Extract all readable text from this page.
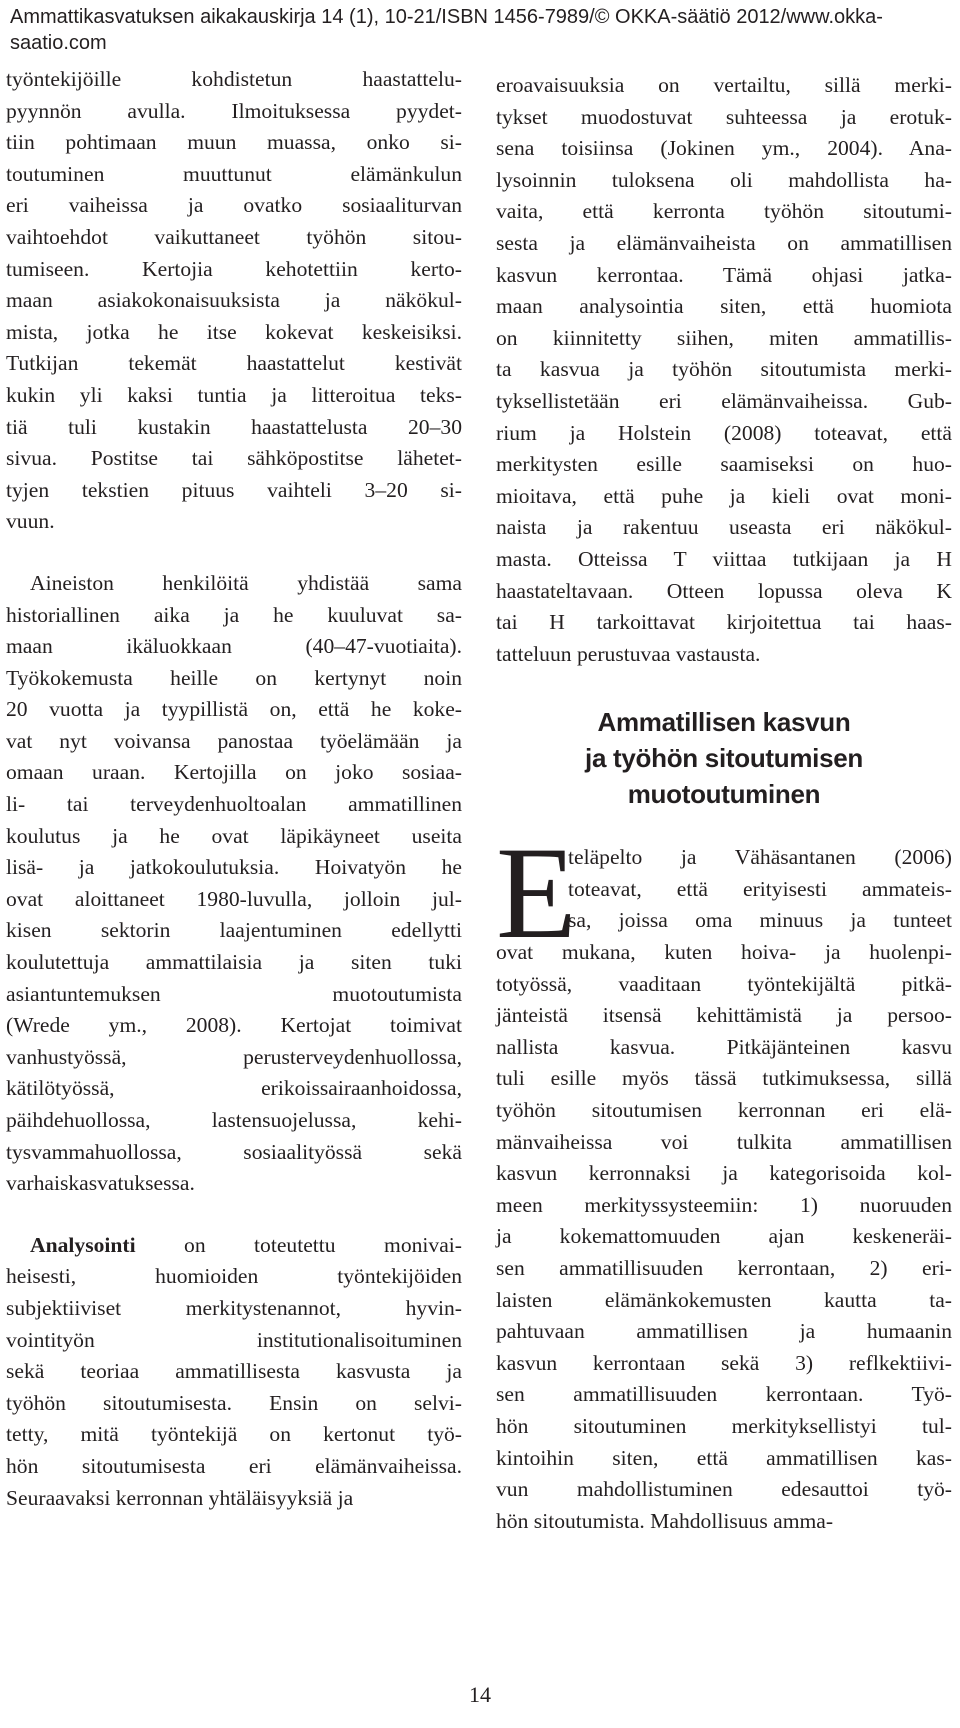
Ammattikasvatuksen aikakauskirja 14 (1), 10-21/ISBN 1456-7989/© OKKA-säätiö 2012/www.okka-saatio.com
työntekijöille kohdistetun haastattelu-
pyynnön avulla. Ilmoituksessa pyydet-
tiin pohtimaan muun muassa, onko si-
toutuminen muuttunut elämänkulun
eri vaiheissa ja ovatko sosiaaliturvan
vaihtoehdot vaikuttaneet työhön sitou-
tumiseen. Kertojia kehotettiin kerto-
maan asiakokonaisuuksista ja näkökul-
mista, jotka he itse kokevat keskeisiksi.
Tutkijan tekemät haastattelut kestivät
kukin yli kaksi tuntia ja litteroitua teks-
tiä tuli kustakin haastattelusta 20–30
sivua. Postitse tai sähköpostitse lähetet-
tyjen tekstien pituus vaihteli 3–20 si-
vuun.
Aineiston henkilöitä yhdistää sama
historiallinen aika ja he kuuluvat sa-
maan ikäluokkaan (40–47-vuotiaita).
Työkokemusta heille on kertynyt noin
20 vuotta ja tyypillistä on, että he koke-
vat nyt voivansa panostaa työelämään ja
omaan uraan. Kertojilla on joko sosiaa-
li- tai terveydenhuoltoalan ammatillinen
koulutus ja he ovat läpikäyneet useita
lisä- ja jatkokoulutuksia. Hoivatyön he
ovat aloittaneet 1980-luvulla, jolloin jul-
kisen sektorin laajentuminen edellytti
koulutettuja ammattilaisia ja siten tuki
asiantuntemuksen muotoutumista
(Wrede ym., 2008). Kertojat toimivat
vanhustyössä, perusterveydenhuollossa,
kätilötyössä, erikoissairaanhoidossa,
päihdehuollossa, lastensuojelussa, kehi-
tysvammahuollossa, sosiaalityössä sekä
varhaiskasvatuksessa.
Analysointi on toteutettu monivai-
heisesti, huomioiden työntekijöiden
subjektiiviset merkitystenannot, hyvin-
vointityön institutionalisoituminen
sekä teoriaa ammatillisesta kasvusta ja
työhön sitoutumisesta. Ensin on selvi-
tetty, mitä työntekijä on kertonut työ-
hön sitoutumisesta eri elämänvaiheissa.
Seuraavaksi kerronnan yhtäläisyyksiä ja
eroavaisuuksia on vertailtu, sillä merki-
tykset muodostuvat suhteessa ja erotuk-
sena toisiinsa (Jokinen ym., 2004). Ana-
lysoinnin tuloksena oli mahdollista ha-
vaita, että kerronta työhön sitoutumi-
sesta ja elämänvaiheista on ammatillisen
kasvun kerrontaa. Tämä ohjasi jatka-
maan analysointia siten, että huomiota
on kiinnitetty siihen, miten ammatillis-
ta kasvua ja työhön sitoutumista merki-
tyksellistetään eri elämänvaiheissa. Gub-
rium ja Holstein (2008) toteavat, että
merkitysten esille saamiseksi on huo-
mioitava, että puhe ja kieli ovat moni-
naista ja rakentuu useasta eri näkökul-
masta. Otteissa T viittaa tutkijaan ja H
haastateltavaan. Otteen lopussa oleva K
tai H tarkoittavat kirjoitettua tai haas-
tatteluun perustuvaa vastausta.
Ammatillisen kasvun
ja työhön sitoutumisen
muotoutuminen
E
teläpelto ja Vähäsantanen (2006)
toteavat, että erityisesti ammateis-
sa, joissa oma minuus ja tunteet
ovat mukana, kuten hoiva- ja huolenpi-
totyössä, vaaditaan työntekijältä pitkä-
jänteistä itsensä kehittämistä ja persoo-
nallista kasvua. Pitkäjänteinen kasvu
tuli esille myös tässä tutkimuksessa, sillä
työhön sitoutumisen kerronnan eri elä-
mänvaiheissa voi tulkita ammatillisen
kasvun kerronnaksi ja kategorisoida kol-
meen merkityssysteemiin: 1) nuoruuden
ja kokemattomuuden ajan keskeneräi-
sen ammatillisuuden kerrontaan, 2) eri-
laisten elämänkokemusten kautta ta-
pahtuvaan ammatillisen ja humaanin
kasvun kerrontaan sekä 3) reflkektiivi-
sen ammatillisuuden kerrontaan. Työ-
hön sitoutuminen merkityksellistyi tul-
kintoihin siten, että ammatillisen kas-
vun mahdollistuminen edesauttoi työ-
hön sitoutumista. Mahdollisuus amma-
14
